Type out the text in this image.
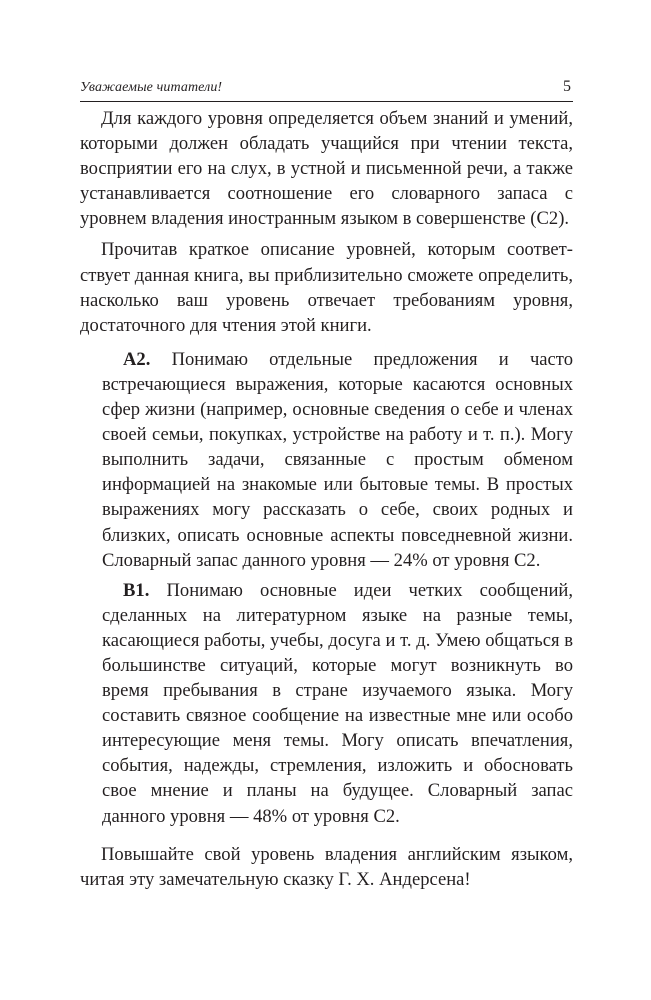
Уважаемые читатели!	5

Для каждого уровня определяется объем знаний и умений, которыми должен обладать учащийся при чтении текста, восприятии его на слух, в устной и письменной речи, а также устанавливается соотношение его словарного запаса с уровнем владения иностранным языком в совершенстве (С2).

Прочитав краткое описание уровней, которым соответствует данная книга, вы приблизительно сможете определить, насколько ваш уровень отвечает требованиям уровня, достаточного для чтения этой книги.

A2. Понимаю отдельные предложения и часто встречающиеся выражения, которые касаются основных сфер жизни (например, основные сведения о себе и членах своей семьи, покупках, устройстве на работу и т. п.). Могу выполнить задачи, связанные с простым обменом информацией на знакомые или бытовые темы. В простых выражениях могу рассказать о себе, своих родных и близких, описать основные аспекты повседневной жизни. Словарный запас данного уровня — 24% от уровня С2.

B1. Понимаю основные идеи четких сообщений, сделанных на литературном языке на разные темы, касающиеся работы, учебы, досуга и т. д. Умею общаться в большинстве ситуаций, которые могут возникнуть во время пребывания в стране изучаемого языка. Могу составить связное сообщение на известные мне или особо интересующие меня темы. Могу описать впечатления, события, надежды, стремления, изложить и обосновать свое мнение и планы на будущее. Словарный запас данного уровня — 48% от уровня С2.

Повышайте свой уровень владения английским языком, читая эту замечательную сказку Г. Х. Андерсена!
